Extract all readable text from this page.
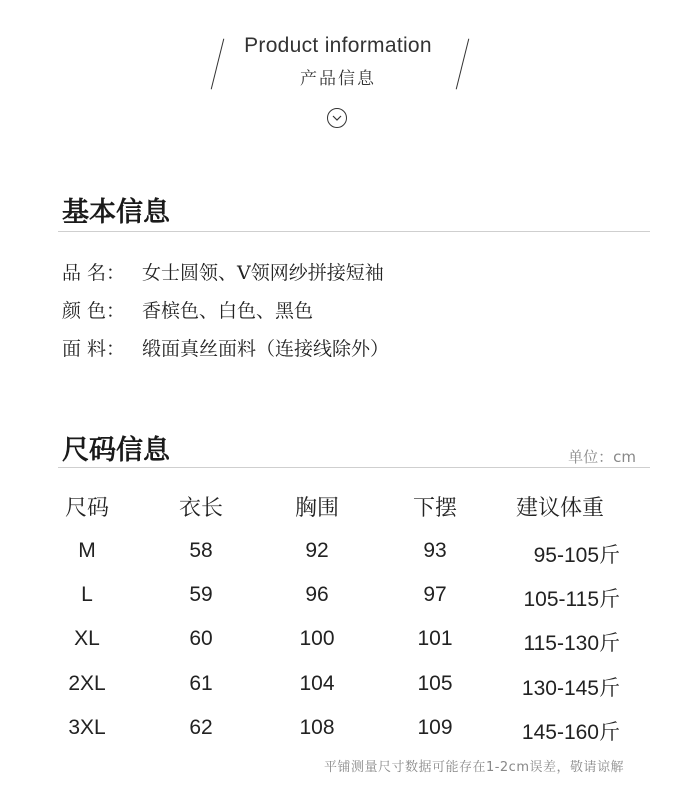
Product information
产品信息
基本信息
品 名： 女士圆领、V领网纱拼接短袖
颜 色： 香槟色、白色、黑色
面 料： 缎面真丝面料（连接线除外）
尺码信息	单位：cm
尺码	衣长	胸围	下摆	建议体重
M	58	92	93	95-105斤
L	59	96	97	105-115斤
XL	60	100	101	115-130斤
2XL	61	104	105	130-145斤
3XL	62	108	109	145-160斤
平铺测量尺寸数据可能存在1-2cm误差，敬请谅解
